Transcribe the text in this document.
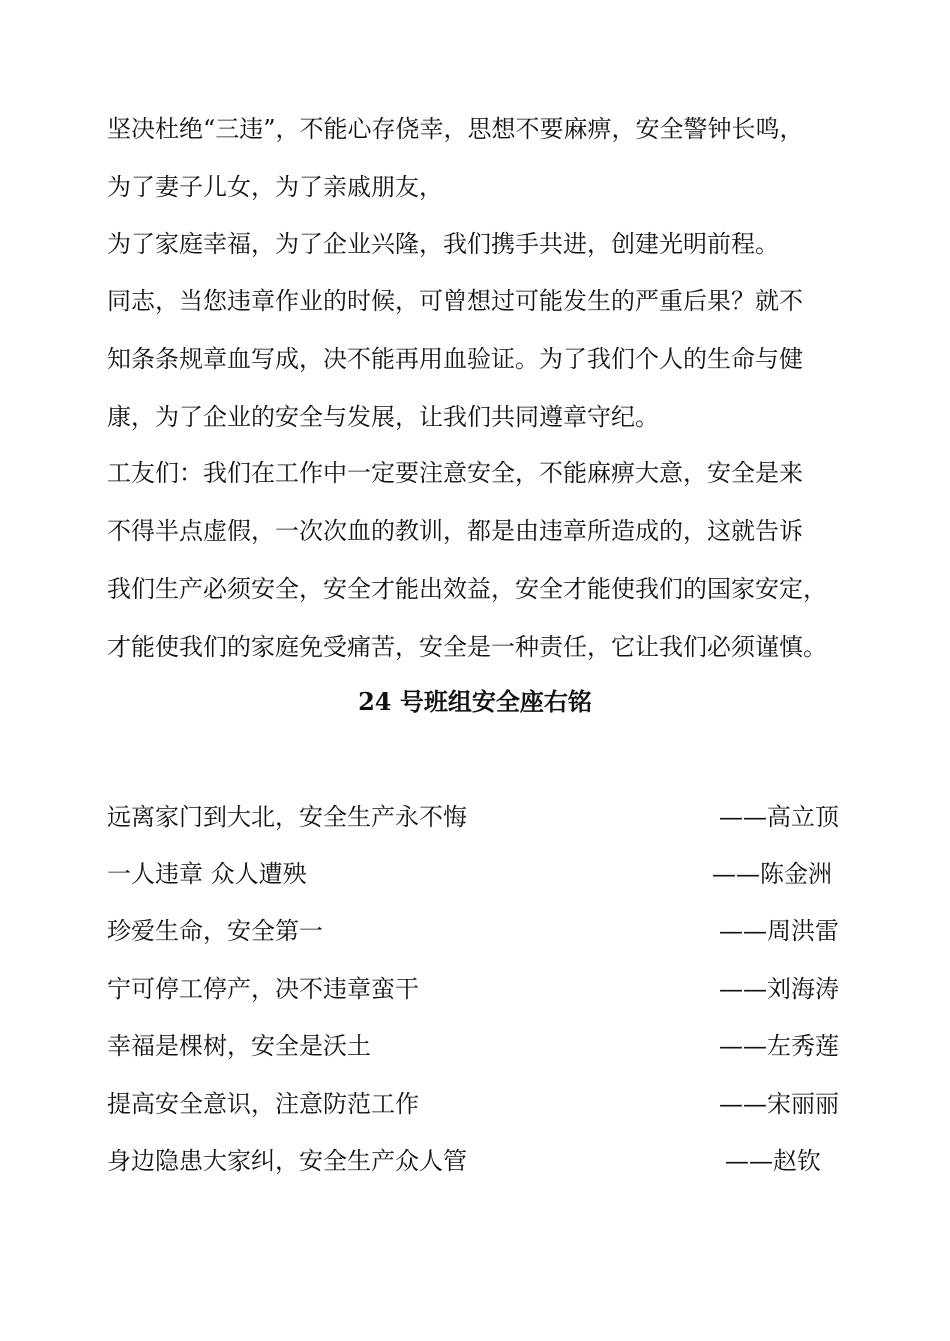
坚决杜绝“三违”，不能心存侥幸，思想不要麻痹，安全警钟长鸣，
为了妻子儿女，为了亲戚朋友，

为了家庭幸福，为了企业兴隆，我们携手共进，创建光明前程。

同志，当您违章作业的时候，可曾想过可能发生的严重后果？就不
知条条规章血写成，决不能再用血验证。为了我们个人的生命与健
康，为了企业的安全与发展，让我们共同遵章守纪。

工友们：我们在工作中一定要注意安全，不能麻痹大意，安全是来
不得半点虚假，一次次血的教训，都是由违章所造成的，这就告诉
我们生产必须安全，安全才能出效益，安全才能使我们的国家安定，
才能使我们的家庭免受痛苦，安全是一种责任，它让我们必须谨慎。

24 号班组安全座右铭
远离家门到大北，安全生产永不悔	——高立顶
一人违章 众人遭殃	——陈金洲
珍爱生命，安全第一	——周洪雷
宁可停工停产，决不违章蛮干	——刘海涛
幸福是棵树，安全是沃土	——左秀莲
提高安全意识，注意防范工作	——宋丽丽
身边隐患大家纠，安全生产众人管	——赵钦
